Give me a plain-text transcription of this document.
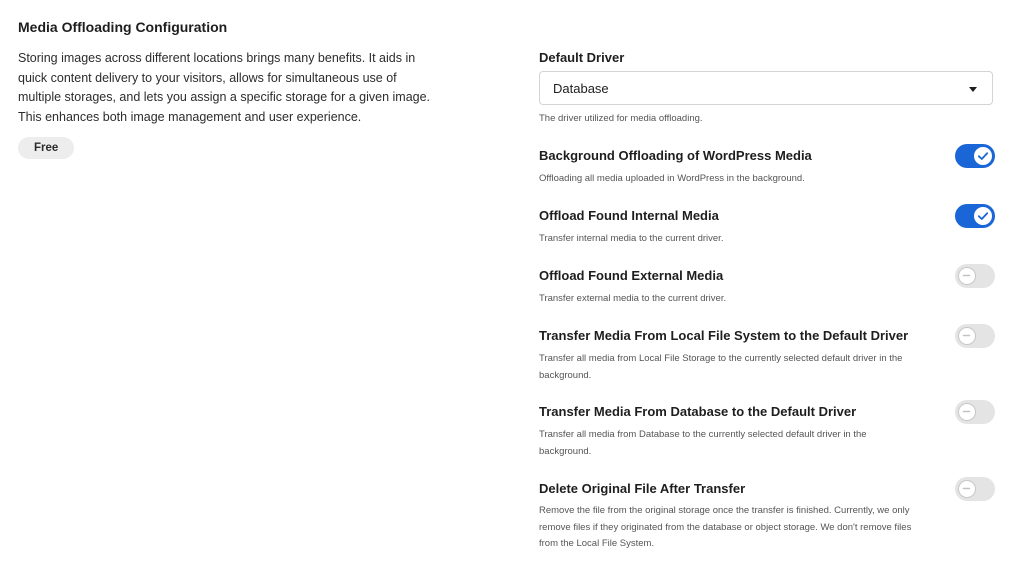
Media Offloading Configuration

Storing images across different locations brings many benefits. It aids in quick content delivery to your visitors, allows for simultaneous use of multiple storages, and lets you assign a specific storage for a given image. This enhances both image management and user experience.

Free
Default Driver
Database
The driver utilized for media offloading.
Background Offloading of WordPress Media
Offloading all media uploaded in WordPress in the background.
Offload Found Internal Media
Transfer internal media to the current driver.
Offload Found External Media
Transfer external media to the current driver.
Transfer Media From Local File System to the Default Driver
Transfer all media from Local File Storage to the currently selected default driver in the background.
Transfer Media From Database to the Default Driver
Transfer all media from Database to the currently selected default driver in the background.
Delete Original File After Transfer
Remove the file from the original storage once the transfer is finished. Currently, we only remove files if they originated from the database or object storage. We don't remove files from the Local File System.
